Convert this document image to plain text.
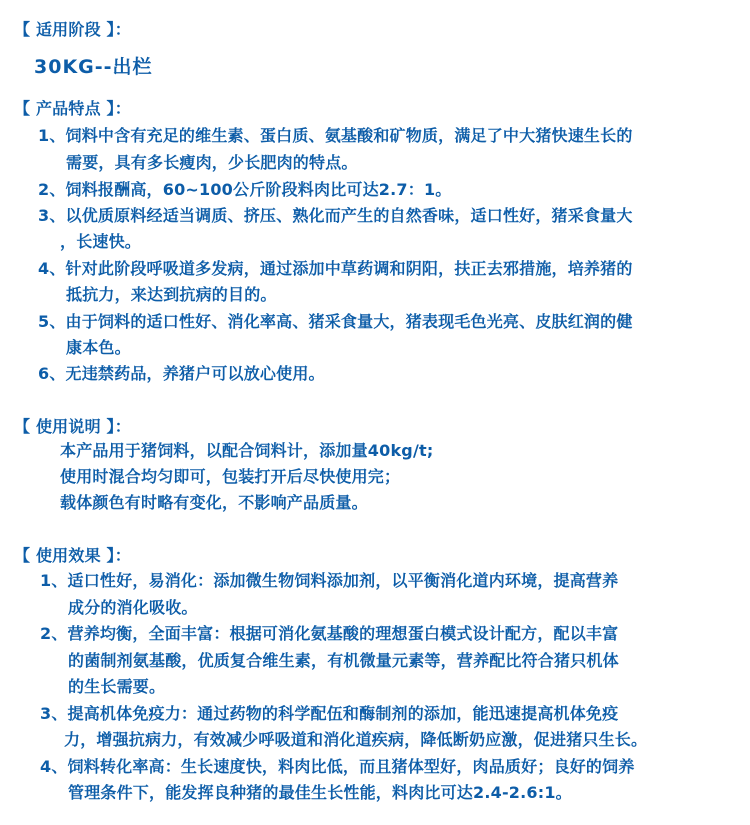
【 适用阶段 】：
30KG--出栏
【 产品特点 】：
1、饲料中含有充足的维生素、蛋白质、氨基酸和矿物质，满足了中大猪快速生长的
需要，具有多长瘦肉，少长肥肉的特点。
2、饲料报酬高，60~100公斤阶段料肉比可达2.7：1。
3、以优质原料经适当调质、挤压、熟化而产生的自然香味，适口性好，猪采食量大
，长速快。
4、针对此阶段呼吸道多发病，通过添加中草药调和阴阳，扶正去邪措施，培养猪的
抵抗力，来达到抗病的目的。
5、由于饲料的适口性好、消化率高、猪采食量大，猪表现毛色光亮、皮肤红润的健
康本色。
6、无违禁药品，养猪户可以放心使用。
【 使用说明 】：
本产品用于猪饲料，以配合饲料计，添加量40kg/t;
使用时混合均匀即可，包装打开后尽快使用完；
载体颜色有时略有变化，不影响产品质量。
【 使用效果 】：
1、适口性好，易消化：添加微生物饲料添加剂，以平衡消化道内环境，提高营养
成分的消化吸收。
2、营养均衡，全面丰富：根据可消化氨基酸的理想蛋白模式设计配方，配以丰富
的菌制剂氨基酸，优质复合维生素，有机微量元素等，营养配比符合猪只机体
的生长需要。
3、提高机体免疫力：通过药物的科学配伍和酶制剂的添加，能迅速提高机体免疫
力，增强抗病力，有效减少呼吸道和消化道疾病，降低断奶应激，促进猪只生长。
4、饲料转化率高：生长速度快，料肉比低，而且猪体型好，肉品质好；良好的饲养
管理条件下，能发挥良种猪的最佳生长性能，料肉比可达2.4-2.6:1。
